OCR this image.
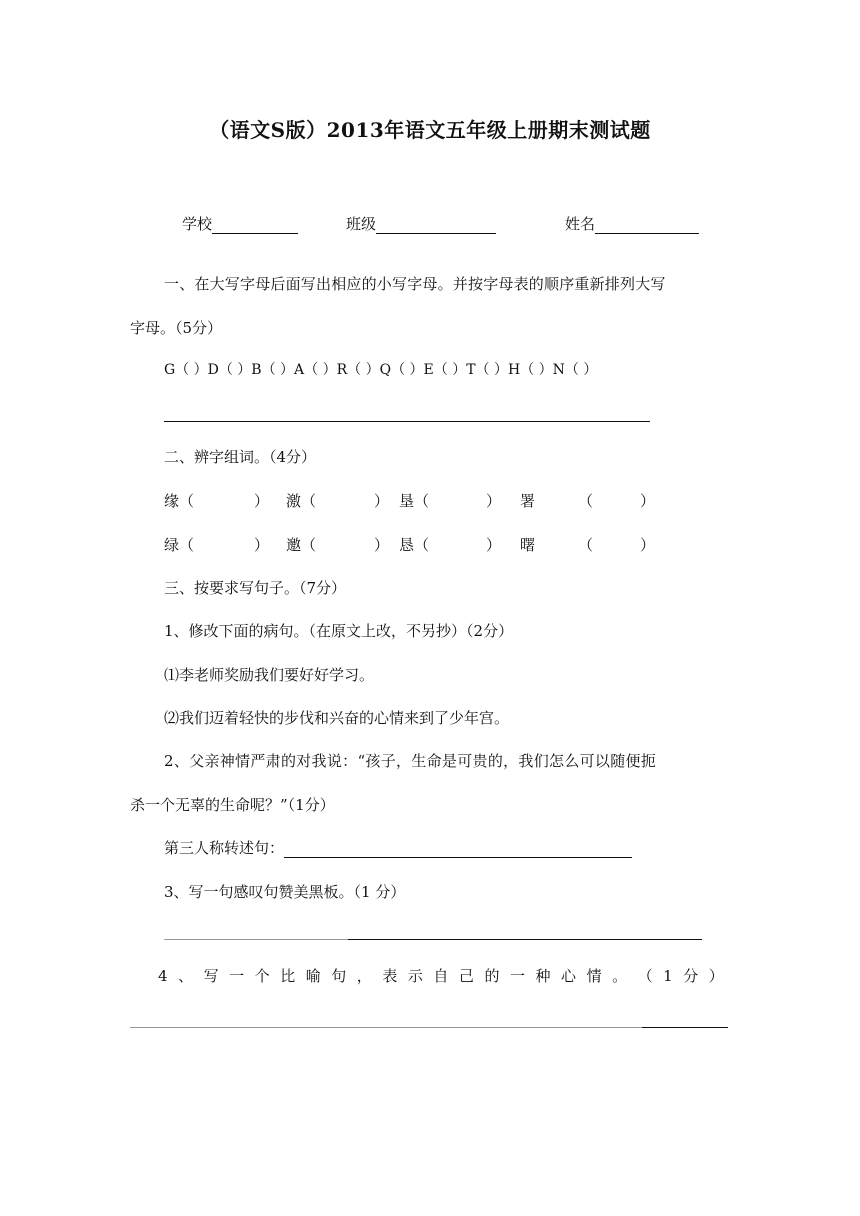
（语文S版）2013年语文五年级上册期末测试题
学校	班级	姓名
一、在大写字母后面写出相应的小写字母。并按字母表的顺序重新排列大写
字母。（5分）
G（ ）D（ ）B（ ）A（ ）R（ ）Q（ ）E（ ）T（ ）H（ ）N（ ）
二、辨字组词。（4分）
缘（	） 激（	） 垦（	） 署	（	）
绿（	） 邀（	） 恳（	） 曙	（	）
三、按要求写句子。（7分）
1、修改下面的病句。（在原文上改，不另抄）（2分）
⑴李老师奖励我们要好好学习。
⑵我们迈着轻快的步伐和兴奋的心情来到了少年宫。
2、父亲神情严肃的对我说：“孩子，生命是可贵的，我们怎么可以随便扼
杀一个无辜的生命呢？”（1分）
第三人称转述句：
3、写一句感叹句赞美黑板。（1 分）
4 、 写 一 个 比 喻 句 ， 表 示 自 己 的 一 种 心 情 。 （ 1 分 ）
